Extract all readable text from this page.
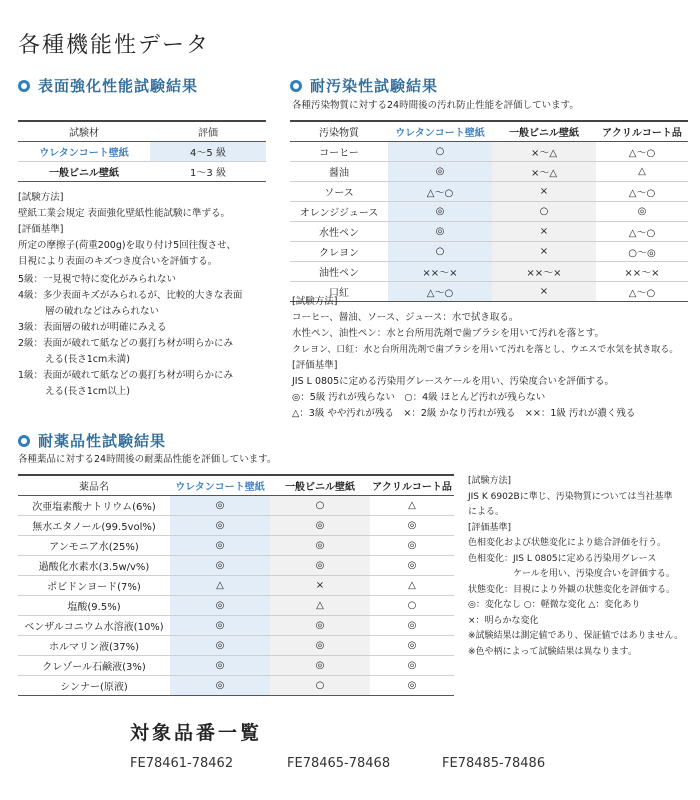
各種機能性データ
表面強化性能試験結果
試験材	評価
ウレタンコート壁紙	4〜5 級
一般ビニル壁紙	1〜3 級
[試験方法]
壁紙工業会規定 表面強化壁紙性能試験に準ずる。
[評価基準]
所定の摩擦子(荷重200g)を取り付け5回往復させ、
目視により表面のキズつき度合いを評価する。
5級：一見視で特に変化がみられない
4級：多少表面キズがみられるが、比較的大きな表面
層の破れなどはみられない
3級：表面層の破れが明確にみえる
2級：表面が破れて紙などの裏打ち材が明らかにみ
える(長さ1cm未満)
1級：表面が破れて紙などの裏打ち材が明らかにみ
える(長さ1cm以上)
耐汚染性試験結果
各種汚染物質に対する24時間後の汚れ防止性能を評価しています。
汚染物質	ウレタンコート壁紙	一般ビニル壁紙	アクリルコート品
コーヒー	○	×〜△	△〜○
醤油	◎	×〜△	△
ソース	△〜○	×	△〜○
オレンジジュース	◎	○	◎
水性ペン	◎	×	△〜○
クレヨン	○	×	○〜◎
油性ペン	××〜×	××〜×	××〜×
口紅	△〜○	×	△〜○
[試験方法]
コーヒー、醤油、ソース、ジュース：水で拭き取る。
水性ペン、油性ペン：水と台所用洗剤で歯ブラシを用いて汚れを落とす。
クレヨン、口紅：水と台所用洗剤で歯ブラシを用いて汚れを落とし、ウエスで水気を拭き取る。
[評価基準]
JIS L 0805に定める汚染用グレースケールを用い、汚染度合いを評価する。
◎：5級 汚れが残らない　○：4級 ほとんど汚れが残らない
△：3級 やや汚れが残る　×：2級 かなり汚れが残る　××：1級 汚れが濃く残る
耐薬品性試験結果
各種薬品に対する24時間後の耐薬品性能を評価しています。
薬品名	ウレタンコート壁紙	一般ビニル壁紙	アクリルコート品
次亜塩素酸ナトリウム(6%)	◎	○	△
無水エタノール(99.5vol%)	◎	◎	◎
アンモニア水(25%)	◎	◎	◎
過酸化水素水(3.5w/v%)	◎	◎	◎
ポビドンヨード(7%)	△	×	△
塩酸(9.5%)	◎	△	○
ベンザルコニウム水溶液(10%)	◎	◎	◎
ホルマリン液(37%)	◎	◎	◎
クレゾール石鹸液(3%)	◎	◎	◎
シンナー(原液)	◎	○	◎
[試験方法]
JIS K 6902Bに準じ、汚染物質については当社基準
による。
[評価基準]
色相変化および状態変化により総合評価を行う。
色相変化：JIS L 0805に定める汚染用グレース
　　　　　ケールを用い、汚染度合いを評価する。
状態変化：目視により外観の状態変化を評価する。
◎：変化なし ○：軽微な変化 △：変化あり
×：明らかな変化
※試験結果は測定値であり、保証値ではありません。
※色や柄によって試験結果は異なります。
対象品番一覧
FE78461-78462	FE78465-78468	FE78485-78486
